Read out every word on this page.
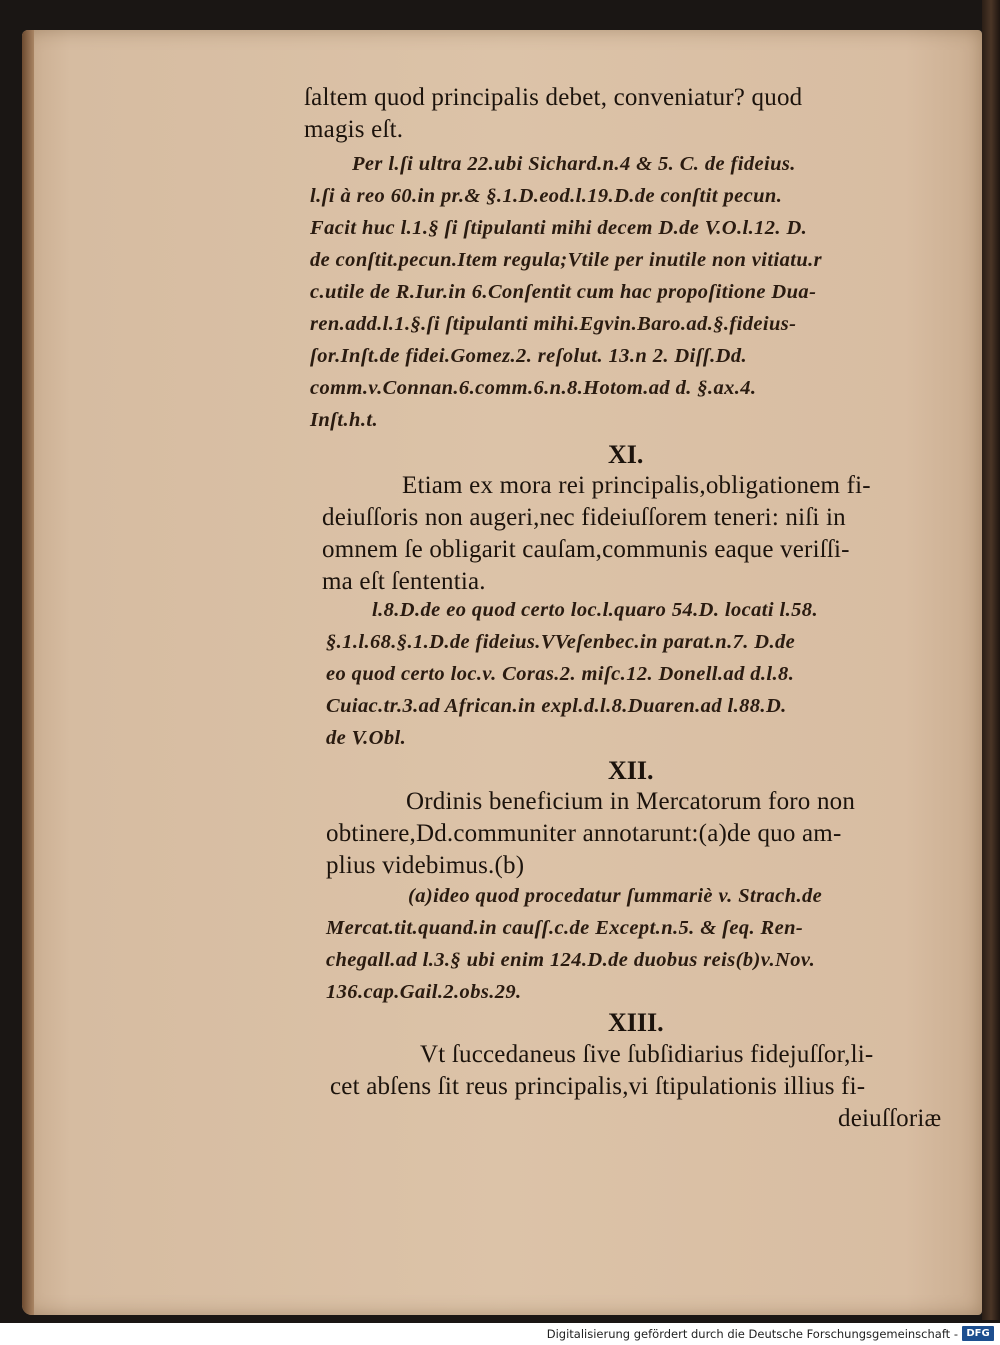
ſaltem quod principalis debet, conveniatur? quod

magis eſt.

Per l.ſi ultra 22.ubi Sichard.n.4 & 5. C. de fideius.

l.ſi à reo 60.in pr.& §.1.D.eod.l.19.D.de conſtit pecun.

Facit huc l.1.§ ſi ſtipulanti mihi decem D.de V.O.l.12. D.

de conſtit.pecun.Item regula;Vtile per inutile non vitiatu.r

c.utile de R.Iur.in 6.Conſentit cum hac propoſitione Dua-

ren.add.l.1.§.ſi ſtipulanti mihi.Egvin.Baro.ad.§.fideius-

ſor.Inſt.de fidei.Gomez.2. reſolut. 13.n 2. Diſſ.Dd.

comm.v.Connan.6.comm.6.n.8.Hotom.ad d. §.ax.4.

Inſt.h.t.

XI.

Etiam ex mora rei principalis,obligationem fi-

deiuſſoris non augeri,nec fideiuſſorem teneri: niſi in

omnem ſe obligarit cauſam,communis eaque veriſſi-

ma eſt ſententia.

l.8.D.de eo quod certo loc.l.quaro 54.D. locati l.58.

§.1.l.68.§.1.D.de fideius.VVeſenbec.in parat.n.7. D.de

eo quod certo loc.v. Coras.2. miſc.12. Donell.ad d.l.8.

Cuiac.tr.3.ad African.in expl.d.l.8.Duaren.ad l.88.D.

de V.Obl.

XII.

Ordinis beneficium in Mercatorum foro non

obtinere,Dd.communiter annotarunt:(a)de quo am-

plius videbimus.(b)

(a)ideo quod procedatur ſummariè v. Strach.de

Mercat.tit.quand.in cauſſ.c.de Except.n.5. & ſeq. Ren-

chegall.ad l.3.§ ubi enim 124.D.de duobus reis(b)v.Nov.

136.cap.Gail.2.obs.29.

XIII.

Vt ſuccedaneus ſive ſubſidiarius fidejuſſor,li-

cet abſens ſit reus principalis,vi ſtipulationis illius fi-

deiuſſoriæ

Digitalisierung gefördert durch die Deutsche Forschungsgemeinschaft - DFG
